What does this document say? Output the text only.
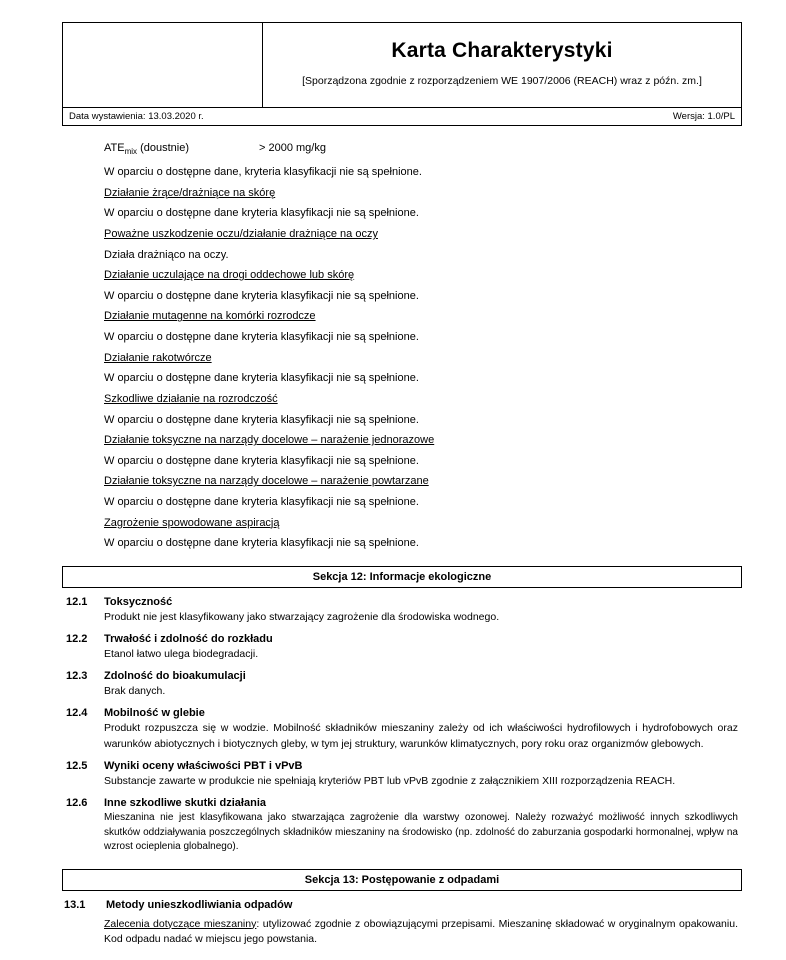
Karta Charakterystyki
[Sporządzona zgodnie z rozporządzeniem WE 1907/2006 (REACH) wraz z późn. zm.]
Data wystawienia: 13.03.2020 r.	Wersja: 1.0/PL
$ATE_{mix}$ (doustnie)	> 2000 mg/kg

W oparciu o dostępne dane, kryteria klasyfikacji nie są spełnione.

Działanie żrące/drażniące na skórę

W oparciu o dostępne dane kryteria klasyfikacji nie są spełnione.

Poważne uszkodzenie oczu/działanie drażniące na oczy

Działa drażniąco na oczy.

Działanie uczulające na drogi oddechowe lub skórę

W oparciu o dostępne dane kryteria klasyfikacji nie są spełnione.

Działanie mutagenne na komórki rozrodcze

W oparciu o dostępne dane kryteria klasyfikacji nie są spełnione.

Działanie rakotwórcze

W oparciu o dostępne dane kryteria klasyfikacji nie są spełnione.

Szkodliwe działanie na rozrodczość

W oparciu o dostępne dane kryteria klasyfikacji nie są spełnione.

Działanie toksyczne na narządy docelowe – narażenie jednorazowe

W oparciu o dostępne dane kryteria klasyfikacji nie są spełnione.

Działanie toksyczne na narządy docelowe – narażenie powtarzane

W oparciu o dostępne dane kryteria klasyfikacji nie są spełnione.

Zagrożenie spowodowane aspiracją

W oparciu o dostępne dane kryteria klasyfikacji nie są spełnione.

Sekcja 12: Informacje ekologiczne
12.1	Toksyczność
Produkt nie jest klasyfikowany jako stwarzający zagrożenie dla środowiska wodnego.
12.2	Trwałość i zdolność do rozkładu
Etanol łatwo ulega biodegradacji.
12.3	Zdolność do bioakumulacji
Brak danych.
12.4	Mobilność w glebie
Produkt rozpuszcza się w wodzie. Mobilność składników mieszaniny zależy od ich właściwości hydrofilowych i hydrofobowych oraz warunków abiotycznych i biotycznych gleby, w tym jej struktury, warunków klimatycznych, pory roku oraz organizmów glebowych.
12.5	Wyniki oceny właściwości PBT i vPvB
Substancje zawarte w produkcie nie spełniają kryteriów PBT lub vPvB zgodnie z załącznikiem XIII rozporządzenia REACH.
12.6	Inne szkodliwe skutki działania
Mieszanina nie jest klasyfikowana jako stwarzająca zagrożenie dla warstwy ozonowej. Należy rozważyć możliwość innych szkodliwych skutków oddziaływania poszczególnych składników mieszaniny na środowisko (np. zdolność do zaburzania gospodarki hormonalnej, wpływ na wzrost ocieplenia globalnego).
Sekcja 13: Postępowanie z odpadami
13.1	Metody unieszkodliwiania odpadów
Zalecenia dotyczące mieszaniny: utylizować zgodnie z obowiązującymi przepisami. Mieszaninę składować w oryginalnym opakowaniu. Kod odpadu nadać w miejscu jego powstania.
